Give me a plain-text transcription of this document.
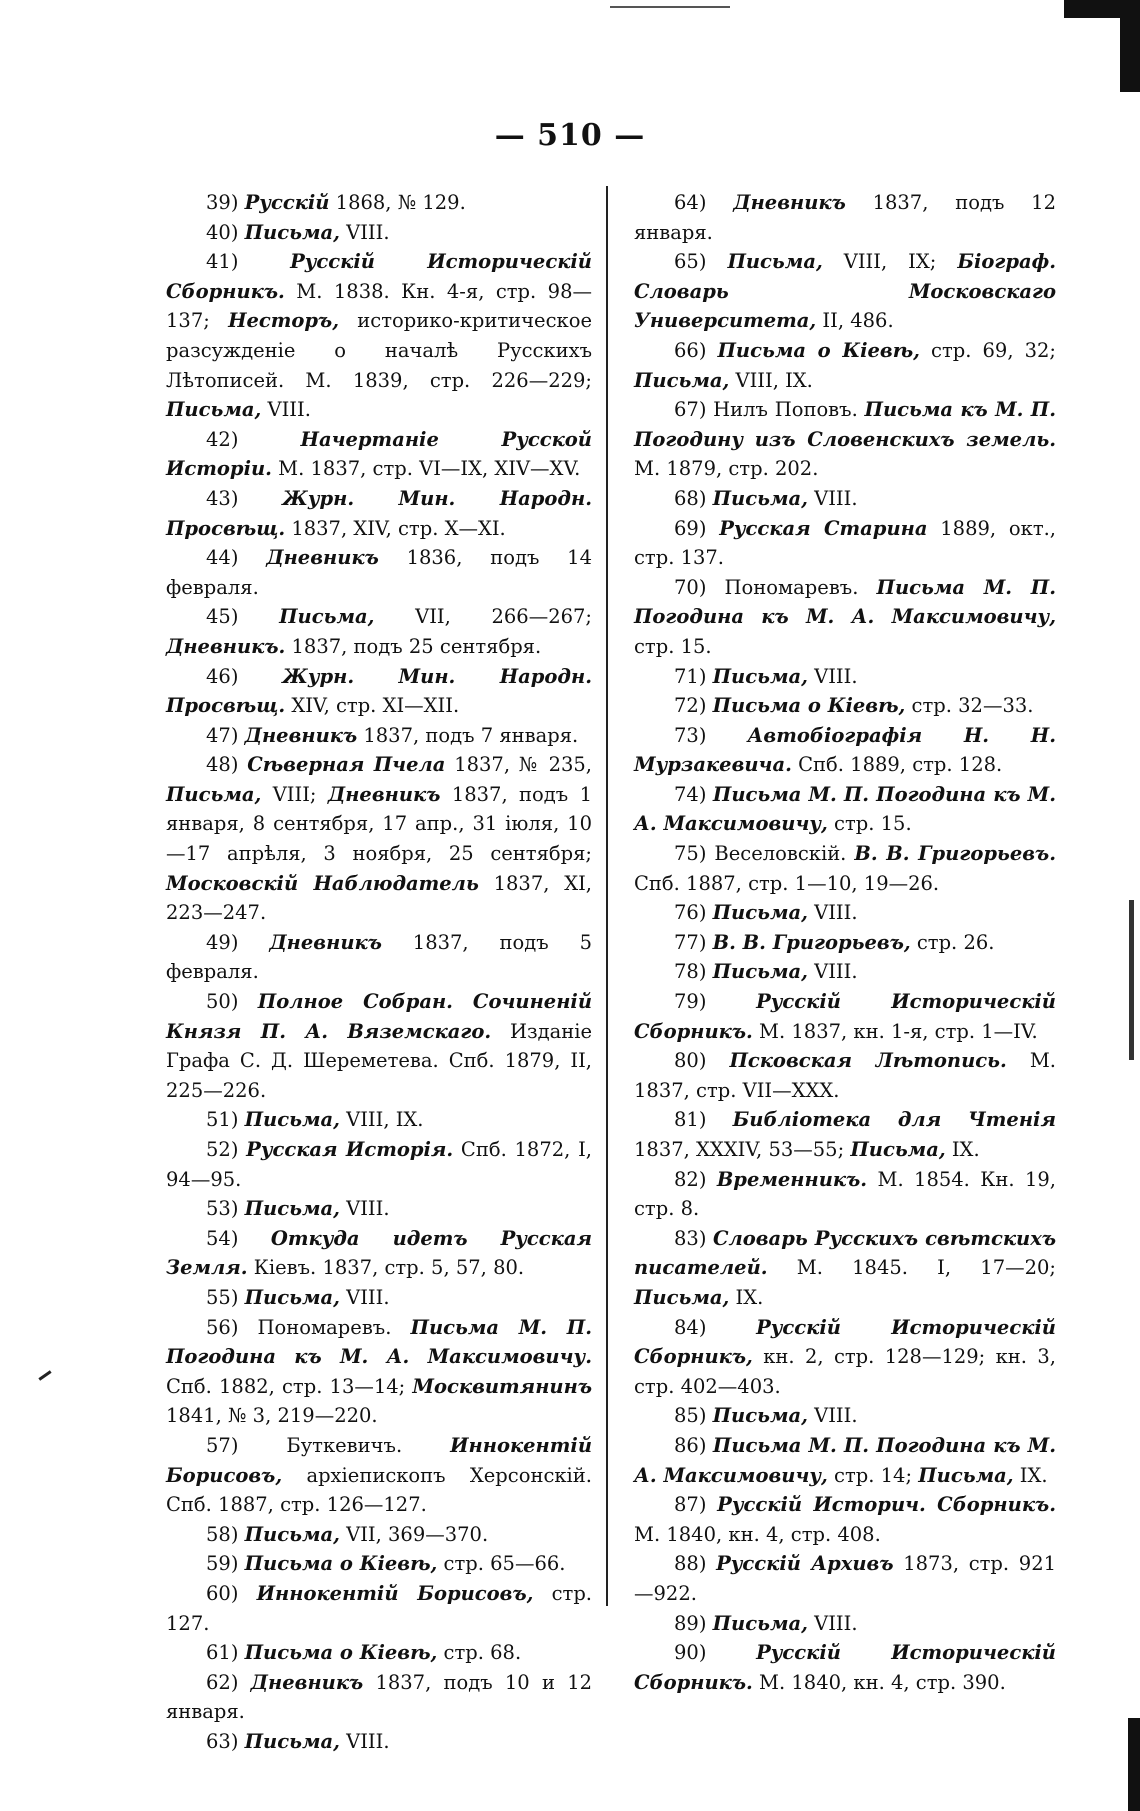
— 510 —

39) Русскій 1868, № 129.

40) Письма, VIII.

41) Русскій Историческій Сборникъ. М. 1838. Кн. 4-я, стр. 98—137; Несторъ, историко-критическое разсужденіе о началѣ Русскихъ Лѣтописей. М. 1839, стр. 226—229; Письма, VIII.

42) Начертаніе Русской Исторіи. М. 1837, стр. VI—IX, XIV—XV.

43) Журн. Мин. Народн. Просвѣщ. 1837, XIV, стр. X—XI.

44) Дневникъ 1836, подъ 14 февраля.

45) Письма, VII, 266—267; Дневникъ. 1837, подъ 25 сентября.

46) Журн. Мин. Народн. Просвѣщ. XIV, стр. XI—XII.

47) Дневникъ 1837, подъ 7 января.

48) Сѣверная Пчела 1837, № 235, Письма, VIII; Дневникъ 1837, подъ 1 января, 8 сентября, 17 апр., 31 іюля, 10—17 апрѣля, 3 ноября, 25 сентября; Московскій Наблюдатель 1837, XI, 223—247.

49) Дневникъ 1837, подъ 5 февраля.

50) Полное Собран. Сочиненій Князя П. А. Вяземскаго. Изданіе Графа С. Д. Шереметева. Спб. 1879, II, 225—226.

51) Письма, VIII, IX.

52) Русская Исторія. Спб. 1872, I, 94—95.

53) Письма, VIII.

54) Откуда идетъ Русская Земля. Кіевъ. 1837, стр. 5, 57, 80.

55) Письма, VIII.

56) Пономаревъ. Письма М. П. Погодина къ М. А. Максимовичу. Спб. 1882, стр. 13—14; Москвитянинъ 1841, № 3, 219—220.

57) Буткевичъ. Иннокентій Борисовъ, архіепископъ Херсонскій. Спб. 1887, стр. 126—127.

58) Письма, VII, 369—370.

59) Письма о Кіевѣ, стр. 65—66.

60) Иннокентій Борисовъ, стр. 127.

61) Письма о Кіевѣ, стр. 68.

62) Дневникъ 1837, подъ 10 и 12 января.

63) Письма, VIII.

64) Дневникъ 1837, подъ 12 января.

65) Письма, VIII, IX; Біограф. Словарь Московскаго Университета, II, 486.

66) Письма о Кіевѣ, стр. 69, 32; Письма, VIII, IX.

67) Нилъ Поповъ. Письма къ М. П. Погодину изъ Словенскихъ земель. М. 1879, стр. 202.

68) Письма, VIII.

69) Русская Старина 1889, окт., стр. 137.

70) Пономаревъ. Письма М. П. Погодина къ М. А. Максимовичу, стр. 15.

71) Письма, VIII.

72) Письма о Кіевѣ, стр. 32—33.

73) Автобіографія Н. Н. Мурзакевича. Спб. 1889, стр. 128.

74) Письма М. П. Погодина къ М. А. Максимовичу, стр. 15.

75) Веселовскій. В. В. Григорьевъ. Спб. 1887, стр. 1—10, 19—26.

76) Письма, VIII.

77) В. В. Григорьевъ, стр. 26.

78) Письма, VIII.

79) Русскій Историческій Сборникъ. М. 1837, кн. 1-я, стр. 1—IV.

80) Псковская Лѣтопись. М. 1837, стр. VII—XXX.

81) Библіотека для Чтенія 1837, XXXIV, 53—55; Письма, IX.

82) Временникъ. М. 1854. Кн. 19, стр. 8.

83) Словарь Русскихъ свѣтскихъ писателей. М. 1845. I, 17—20; Письма, IX.

84) Русскій Историческій Сборникъ, кн. 2, стр. 128—129; кн. 3, стр. 402—403.

85) Письма, VIII.

86) Письма М. П. Погодина къ М. А. Максимовичу, стр. 14; Письма, IX.

87) Русскій Историч. Сборникъ. М. 1840, кн. 4, стр. 408.

88) Русскій Архивъ 1873, стр. 921—922.

89) Письма, VIII.

90) Русскій Историческій Сборникъ. М. 1840, кн. 4, стр. 390.
